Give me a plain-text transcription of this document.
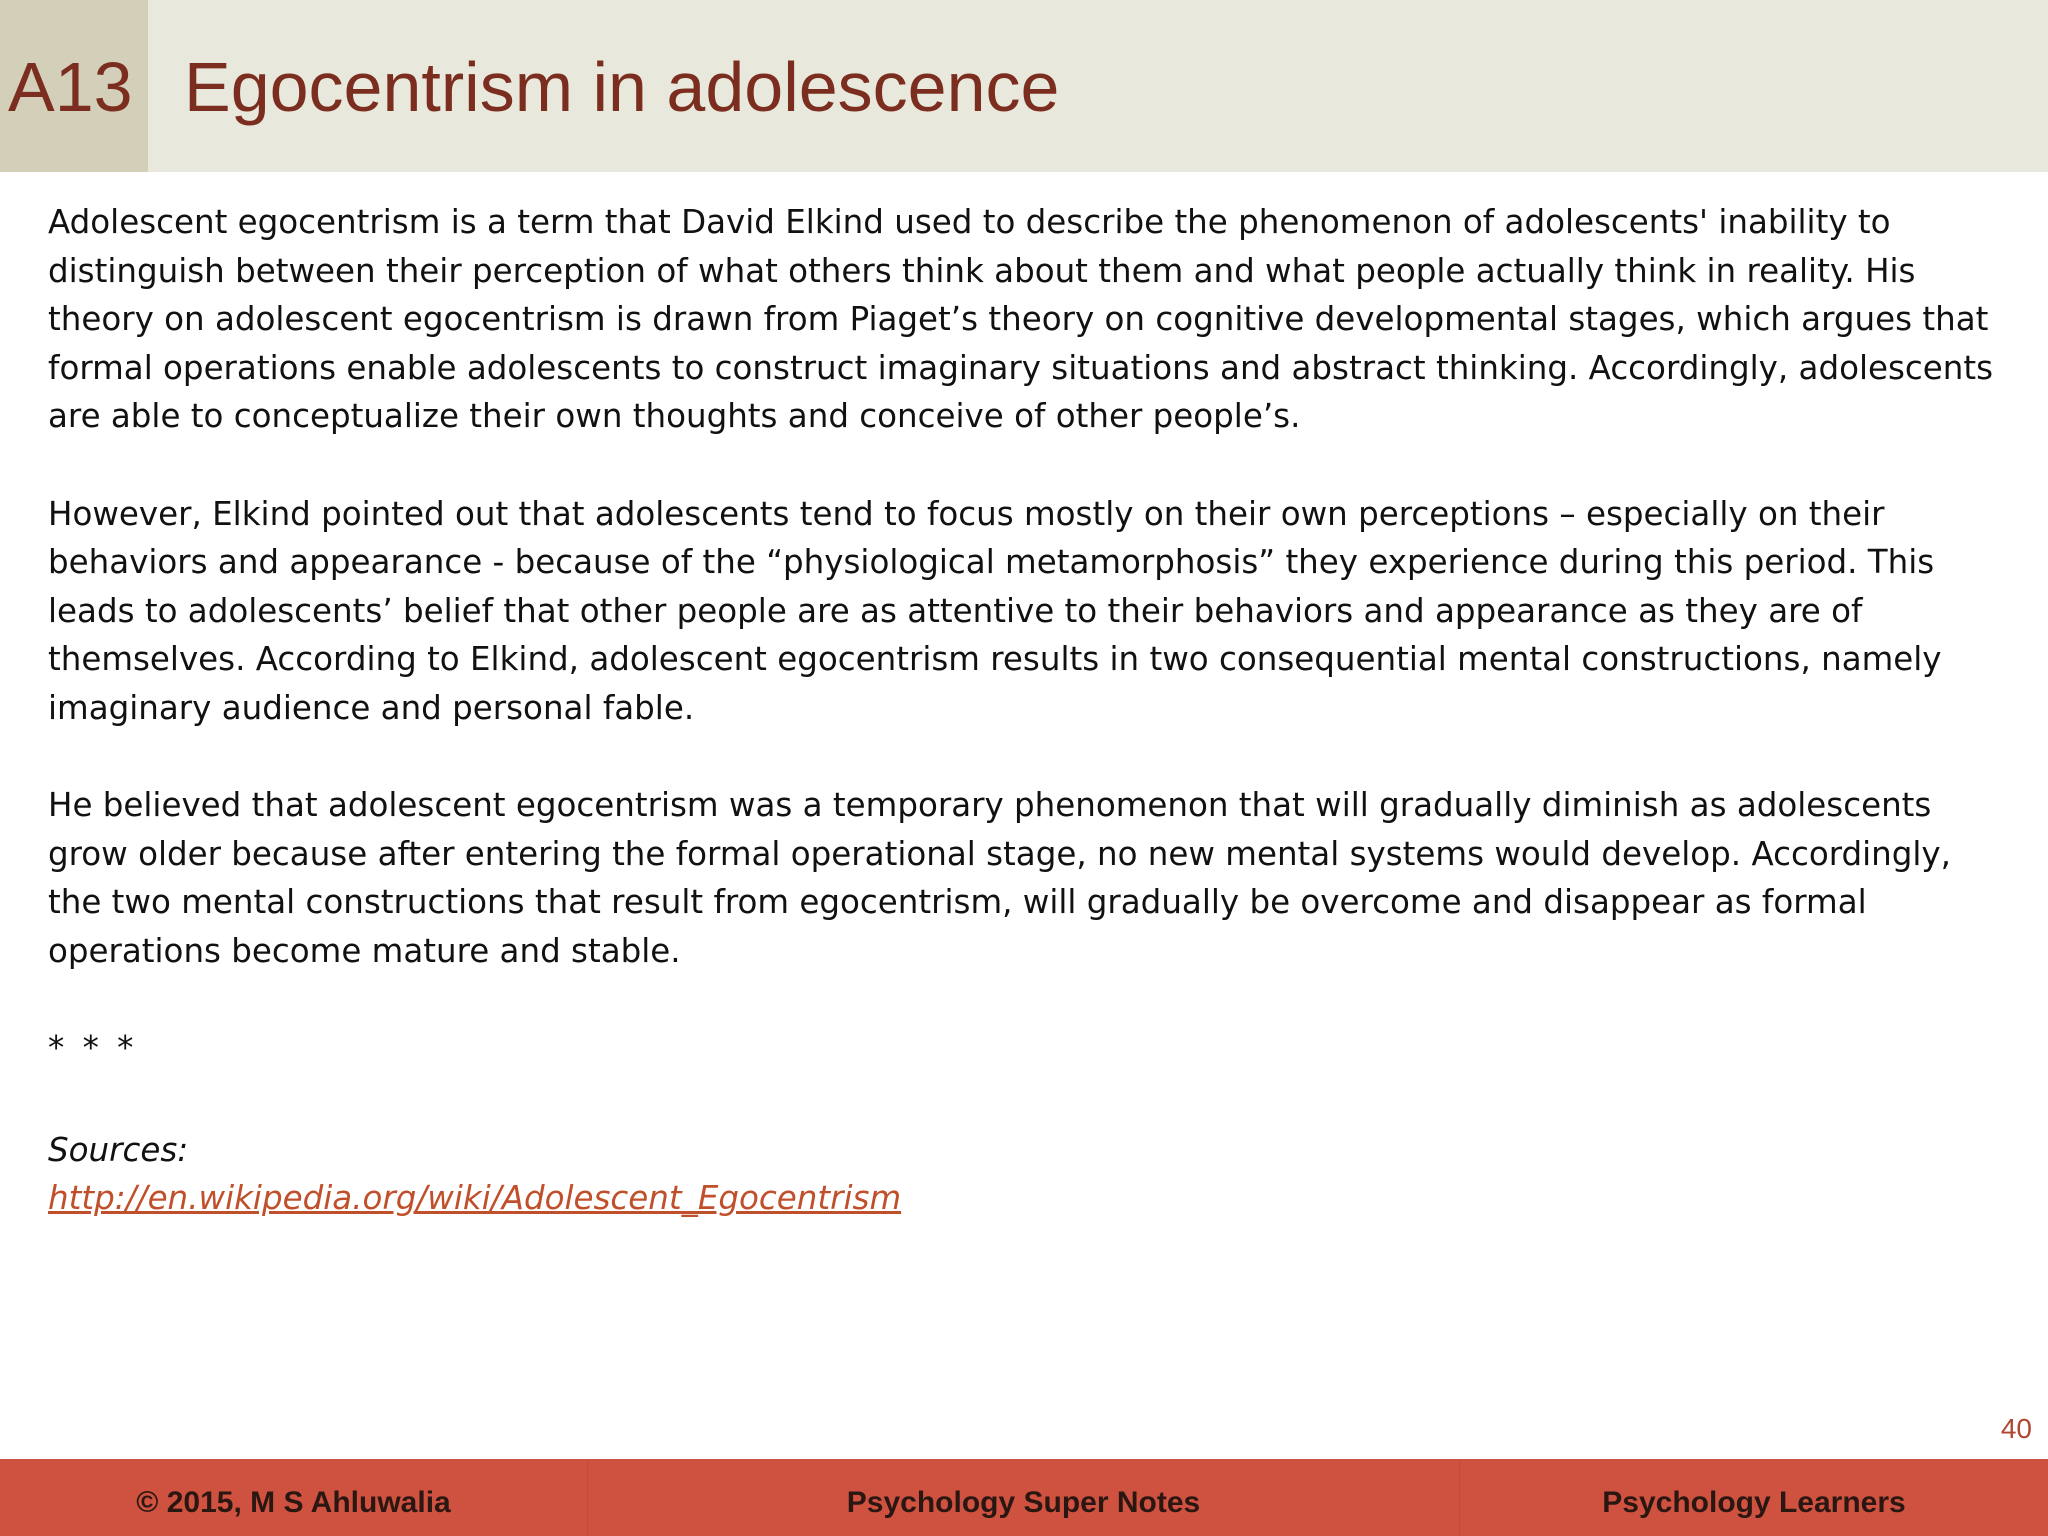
A13 Egocentrism in adolescence

Adolescent egocentrism is a term that David Elkind used to describe the phenomenon of adolescents' inability to distinguish between their perception of what others think about them and what people actually think in reality. His theory on adolescent egocentrism is drawn from Piaget’s theory on cognitive developmental stages, which argues that formal operations enable adolescents to construct imaginary situations and abstract thinking. Accordingly, adolescents are able to conceptualize their own thoughts and conceive of other people’s.

However, Elkind pointed out that adolescents tend to focus mostly on their own perceptions – especially on their behaviors and appearance - because of the “physiological metamorphosis” they experience during this period. This leads to adolescents’ belief that other people are as attentive to their behaviors and appearance as they are of themselves. According to Elkind, adolescent egocentrism results in two consequential mental constructions, namely imaginary audience and personal fable.

He believed that adolescent egocentrism was a temporary phenomenon that will gradually diminish as adolescents grow older because after entering the formal operational stage, no new mental systems would develop. Accordingly, the two mental constructions that result from egocentrism, will gradually be overcome and disappear as formal operations become mature and stable.

* * *
Sources:
http://en.wikipedia.org/wiki/Adolescent_Egocentrism
40
© 2015, M S Ahluwalia	Psychology Super Notes	Psychology Learners
